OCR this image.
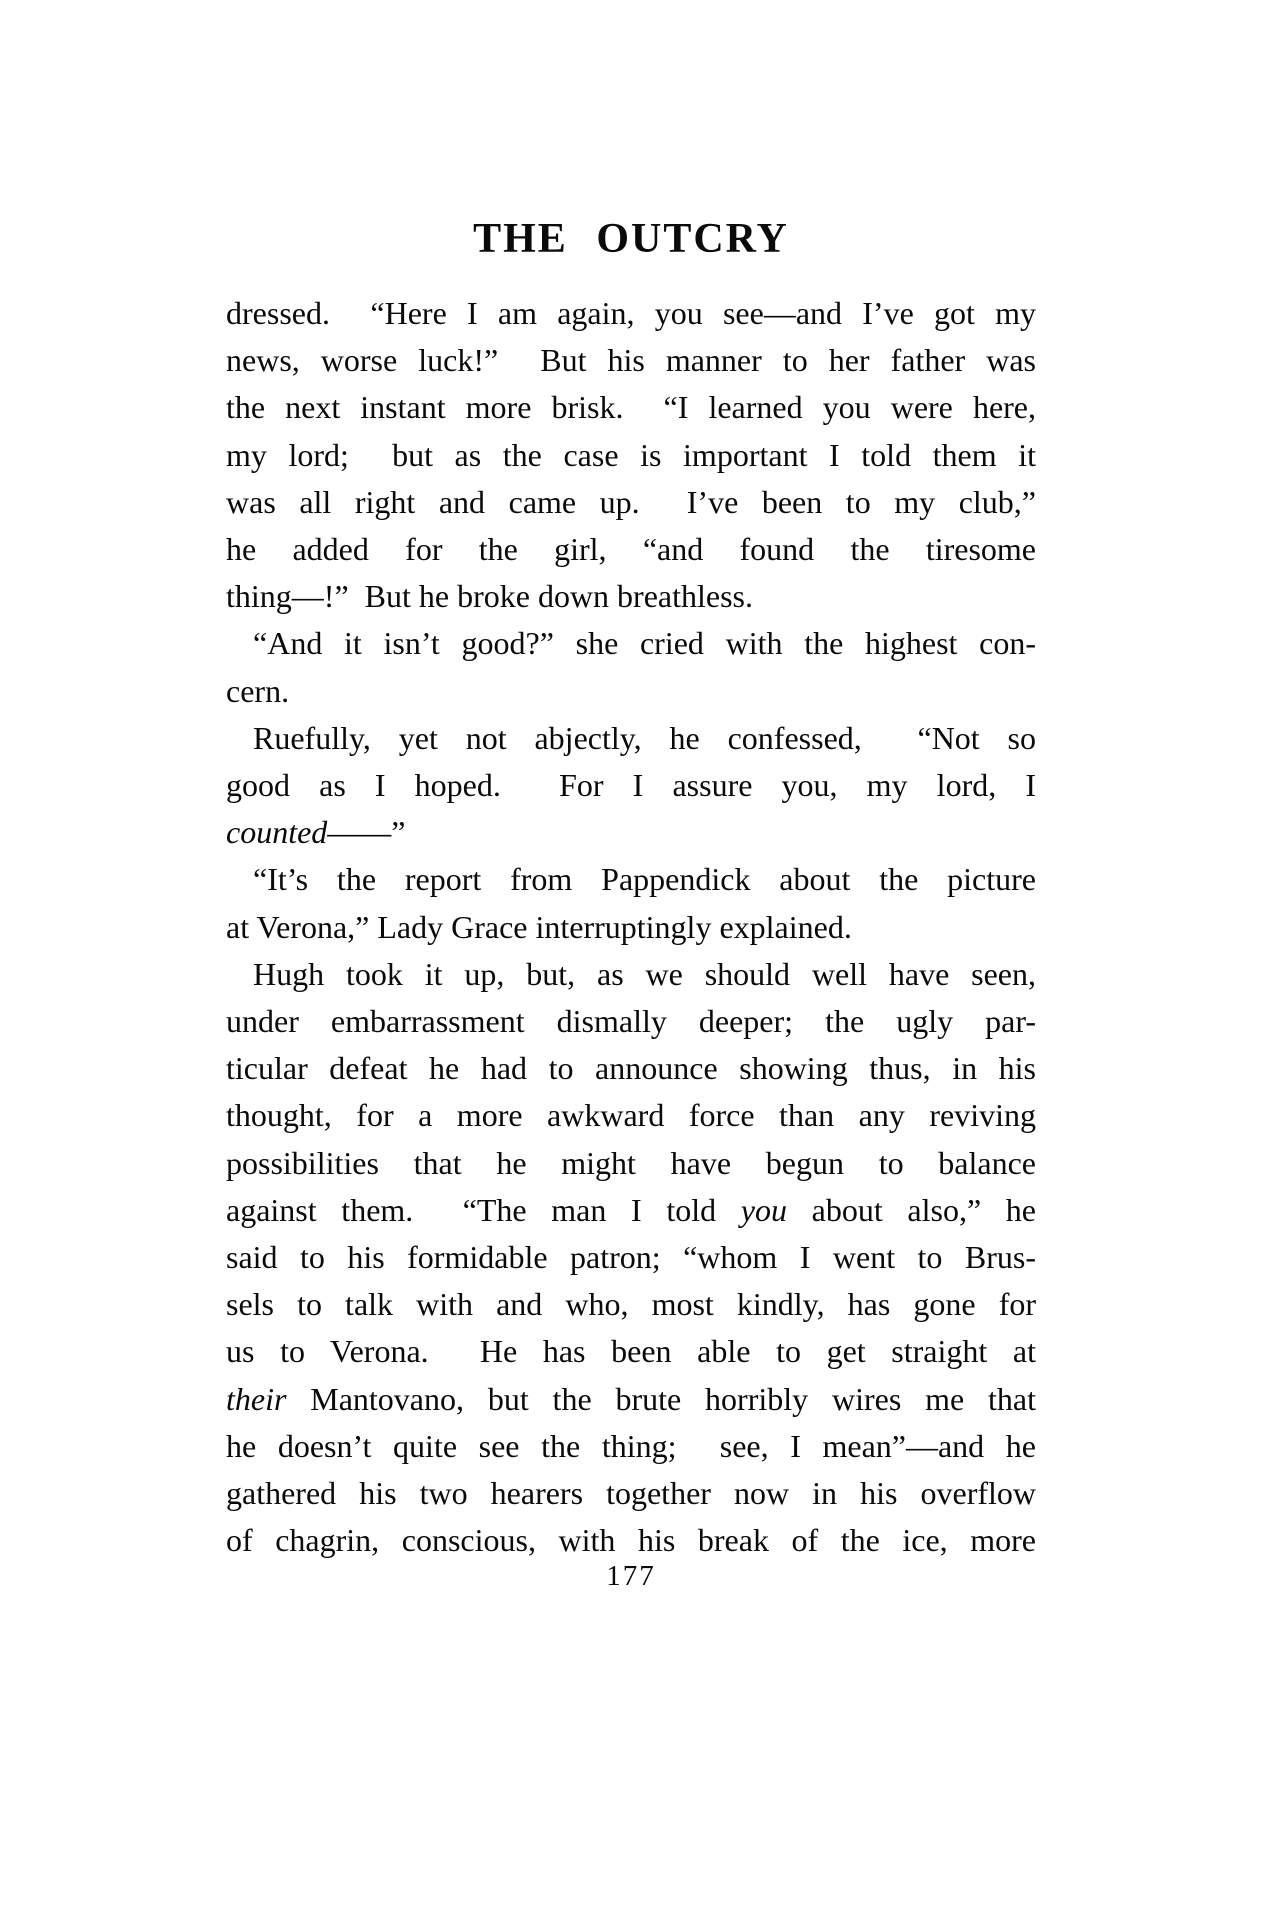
THE OUTCRY
dressed.  “Here I am again, you see—and I’ve got my
news, worse luck!”  But his manner to her father was
the next instant more brisk.  “I learned you were here,
my lord;  but as the case is important I told them it
was all right and came up.  I’ve been to my club,”
he added for the girl, “and found the tiresome
thing—!”  But he broke down breathless.
“And it isn’t good?” she cried with the highest con-
cern.
Ruefully, yet not abjectly, he confessed,  “Not so
good as I hoped.  For I assure you, my lord, I
counted——”
“It’s the report from Pappendick about the picture
at Verona,” Lady Grace interruptingly explained.
Hugh took it up, but, as we should well have seen,
under embarrassment dismally deeper; the ugly par-
ticular defeat he had to announce showing thus, in his
thought, for a more awkward force than any reviving
possibilities that he might have begun to balance
against them.  “The man I told you about also,” he
said to his formidable patron; “whom I went to Brus-
sels to talk with and who, most kindly, has gone for
us to Verona.  He has been able to get straight at
their Mantovano, but the brute horribly wires me that
he doesn’t quite see the thing;  see, I mean”—and he
gathered his two hearers together now in his overflow
of chagrin, conscious, with his break of the ice, more
177
